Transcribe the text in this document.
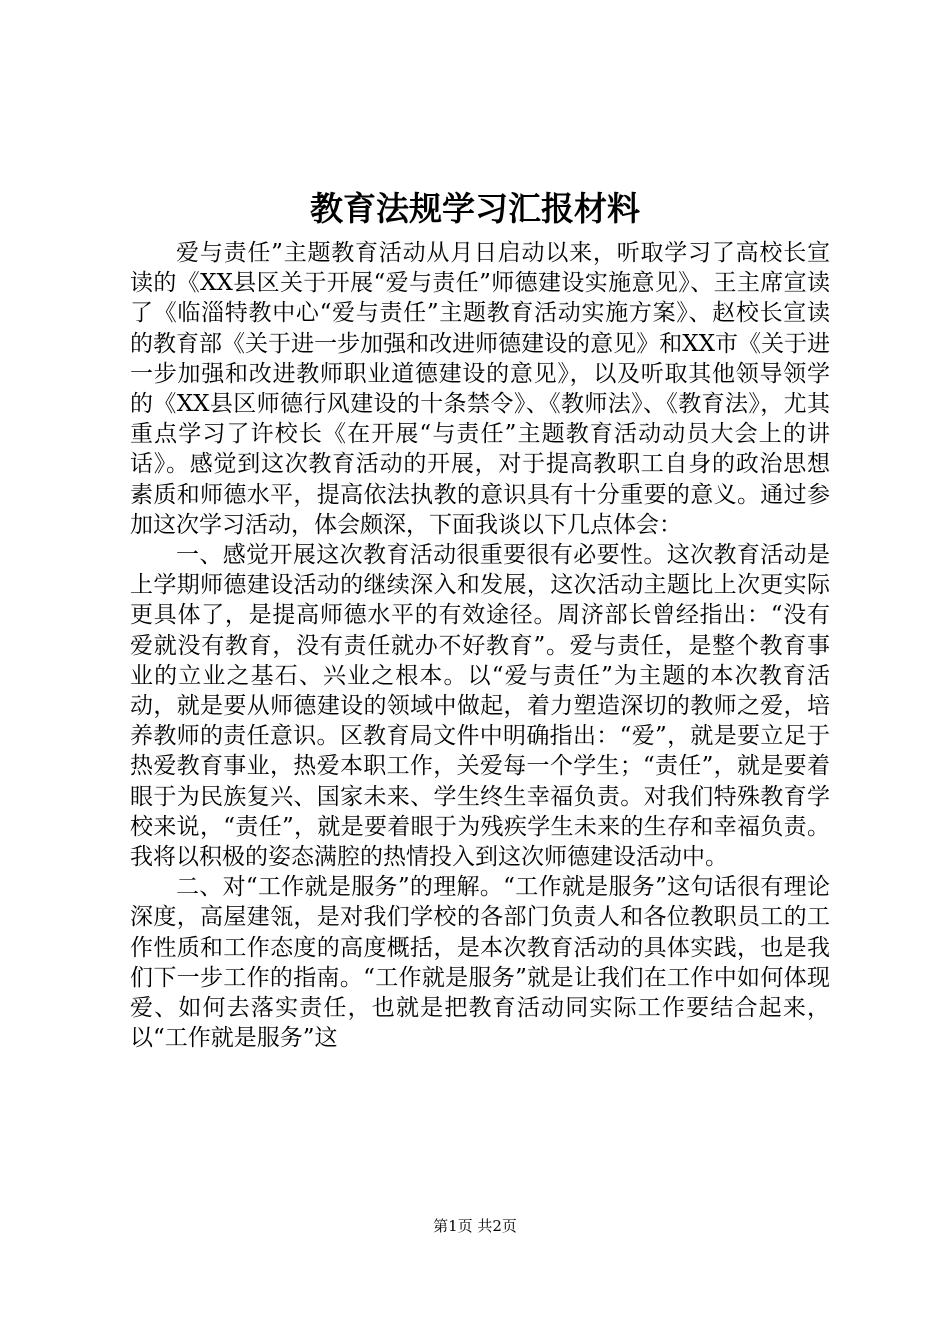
教育法规学习汇报材料

爱与责任”主题教育活动从月日启动以来，听取学习了高校长宣读的《XX县区关于开展“爱与责任”师德建设实施意见》、王主席宣读了《临淄特教中心“爱与责任”主题教育活动实施方案》、赵校长宣读的教育部《关于进一步加强和改进师德建设的意见》和XX市《关于进一步加强和改进教师职业道德建设的意见》，以及听取其他领导领学的《XX县区师德行风建设的十条禁令》、《教师法》、《教育法》，尤其重点学习了许校长《在开展“与责任”主题教育活动动员大会上的讲话》。感觉到这次教育活动的开展，对于提高教职工自身的政治思想素质和师德水平，提高依法执教的意识具有十分重要的意义。通过参加这次学习活动，体会颇深，下面我谈以下几点体会：

一、感觉开展这次教育活动很重要很有必要性。这次教育活动是上学期师德建设活动的继续深入和发展，这次活动主题比上次更实际更具体了，是提高师德水平的有效途径。周济部长曾经指出：“没有爱就没有教育，没有责任就办不好教育”。爱与责任，是整个教育事业的立业之基石、兴业之根本。以“爱与责任”为主题的本次教育活动，就是要从师德建设的领域中做起，着力塑造深切的教师之爱，培养教师的责任意识。区教育局文件中明确指出：“爱”，就是要立足于热爱教育事业，热爱本职工作，关爱每一个学生；“责任”，就是要着眼于为民族复兴、国家未来、学生终生幸福负责。对我们特殊教育学校来说，“责任”，就是要着眼于为残疾学生未来的生存和幸福负责。我将以积极的姿态满腔的热情投入到这次师德建设活动中。

二、对“工作就是服务”的理解。“工作就是服务”这句话很有理论深度，高屋建瓴，是对我们学校的各部门负责人和各位教职员工的工作性质和工作态度的高度概括，是本次教育活动的具体实践，也是我们下一步工作的指南。“工作就是服务”就是让我们在工作中如何体现爱、如何去落实责任，也就是把教育活动同实际工作要结合起来，以“工作就是服务”这

第1页 共2页
